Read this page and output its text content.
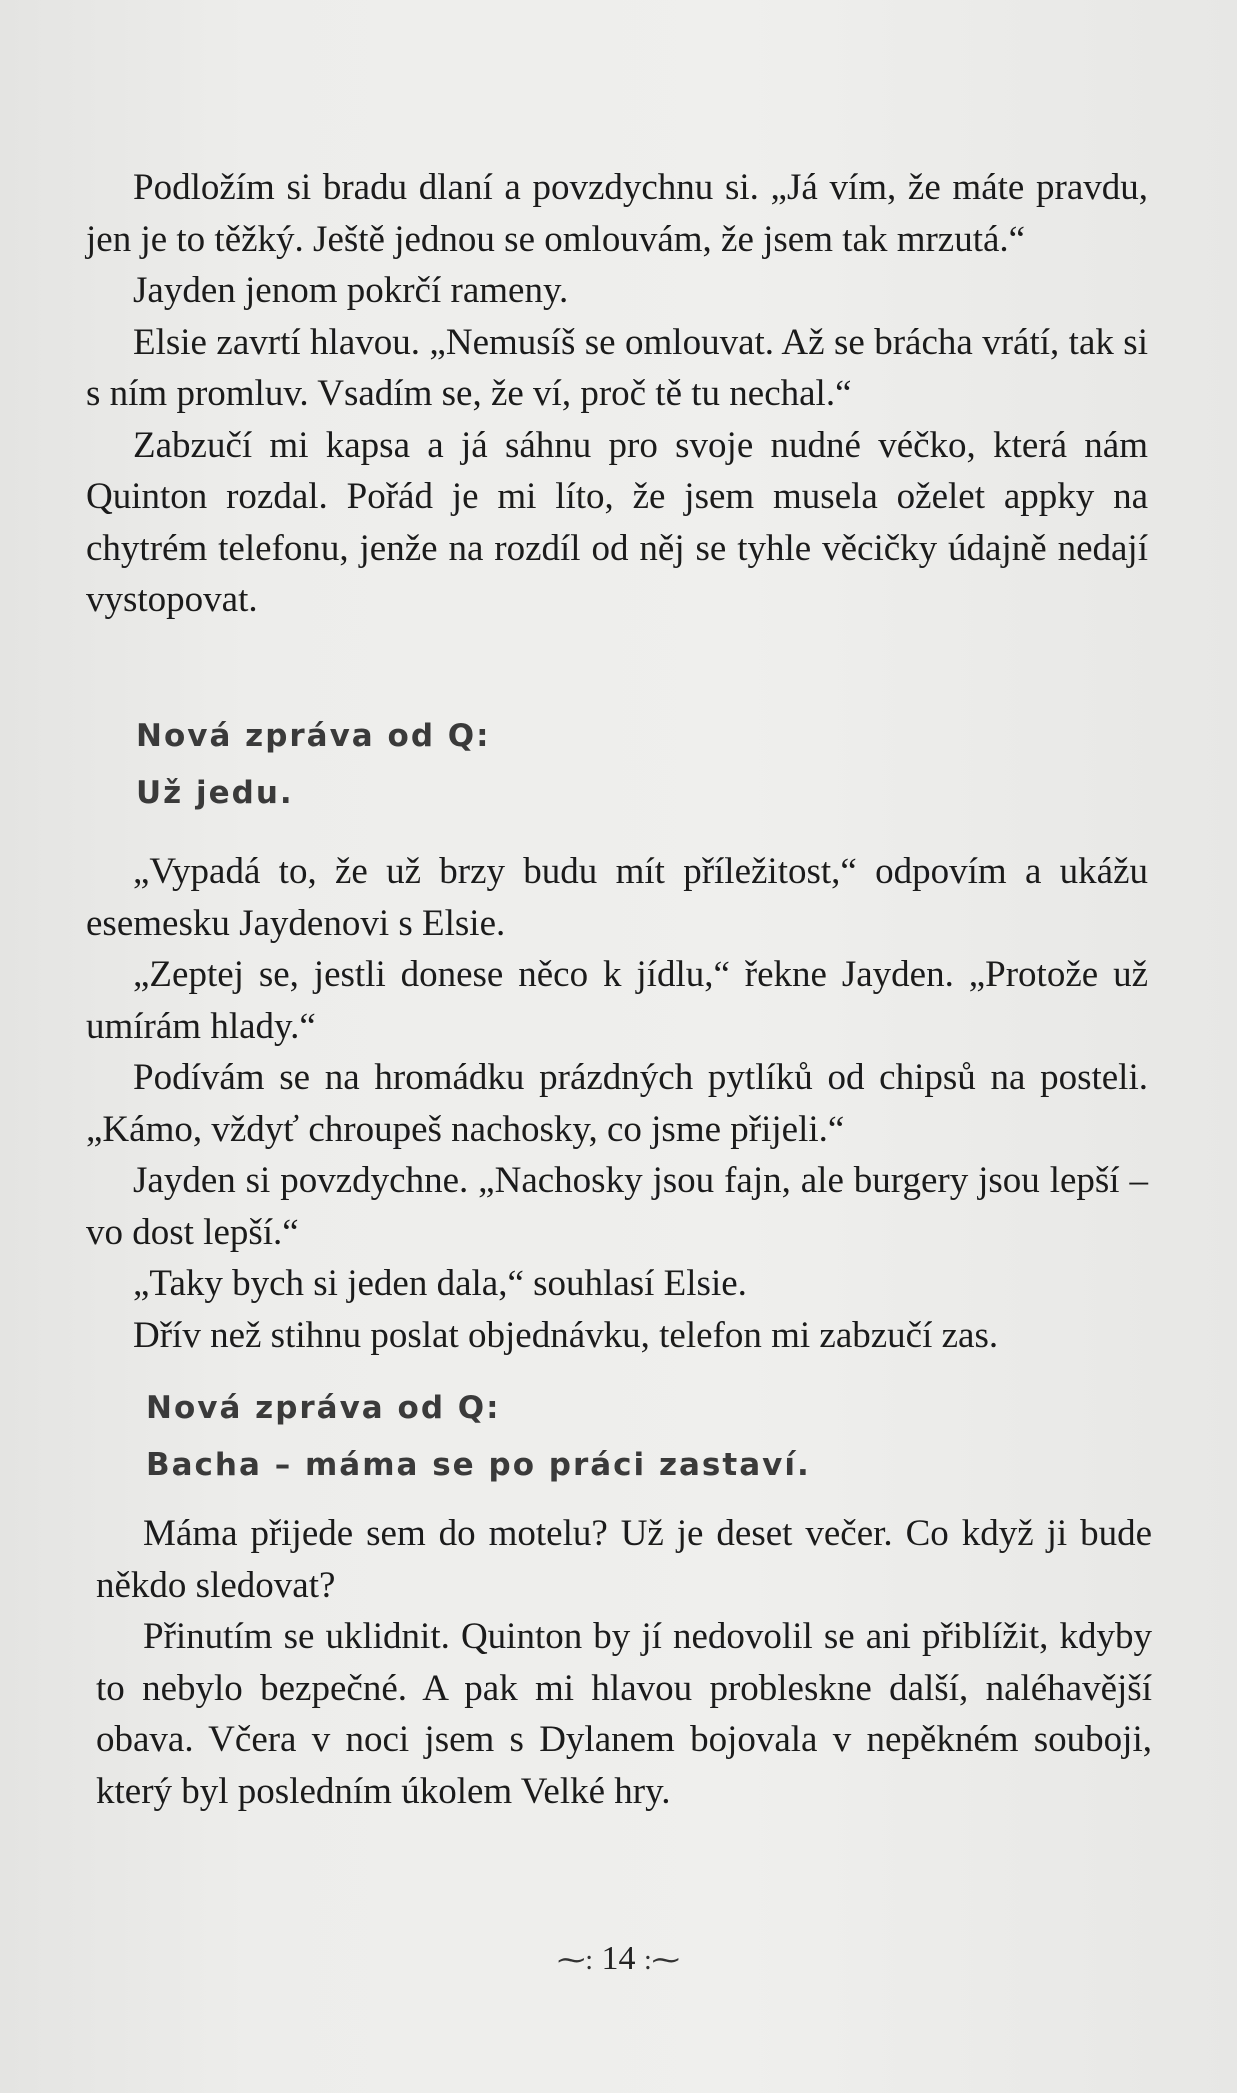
Podložím si bradu dlaní a povzdychnu si. „Já vím, že máte pravdu, jen je to těžký. Ještě jednou se omlouvám, že jsem tak mrzutá.“

Jayden jenom pokrčí rameny.

Elsie zavrtí hlavou. „Nemusíš se omlouvat. Až se brácha vrátí, tak si s ním promluv. Vsadím se, že ví, proč tě tu nechal.“

Zabzučí mi kapsa a já sáhnu pro svoje nudné véčko, která nám Quinton rozdal. Pořád je mi líto, že jsem musela oželet appky na chytrém telefonu, jenže na rozdíl od něj se tyhle věcičky údajně nedají vystopovat.

Nová zpráva od Q:
Už jedu.

„Vypadá to, že už brzy budu mít příležitost,“ odpovím a ukážu esemesku Jaydenovi s Elsie.

„Zeptej se, jestli donese něco k jídlu,“ řekne Jayden. „Protože už umírám hlady.“

Podívám se na hromádku prázdných pytlíků od chipsů na posteli. „Kámo, vždyť chroupeš nachosky, co jsme přijeli.“

Jayden si povzdychne. „Nachosky jsou fajn, ale burgery jsou lepší – vo dost lepší.“

„Taky bych si jeden dala,“ souhlasí Elsie.

Dřív než stihnu poslat objednávku, telefon mi zabzučí zas.

Nová zpráva od Q:
Bacha – máma se po práci zastaví.

Máma přijede sem do motelu? Už je deset večer. Co když ji bude někdo sledovat?

Přinutím se uklidnit. Quinton by jí nedovolil se ani přiblížit, kdyby to nebylo bezpečné. A pak mi hlavou probleskne další, naléhavější obava. Včera v noci jsem s Dylanem bojovala v nepěkném souboji, který byl posledním úkolem Velké hry.

⁓: 14 :⁓
